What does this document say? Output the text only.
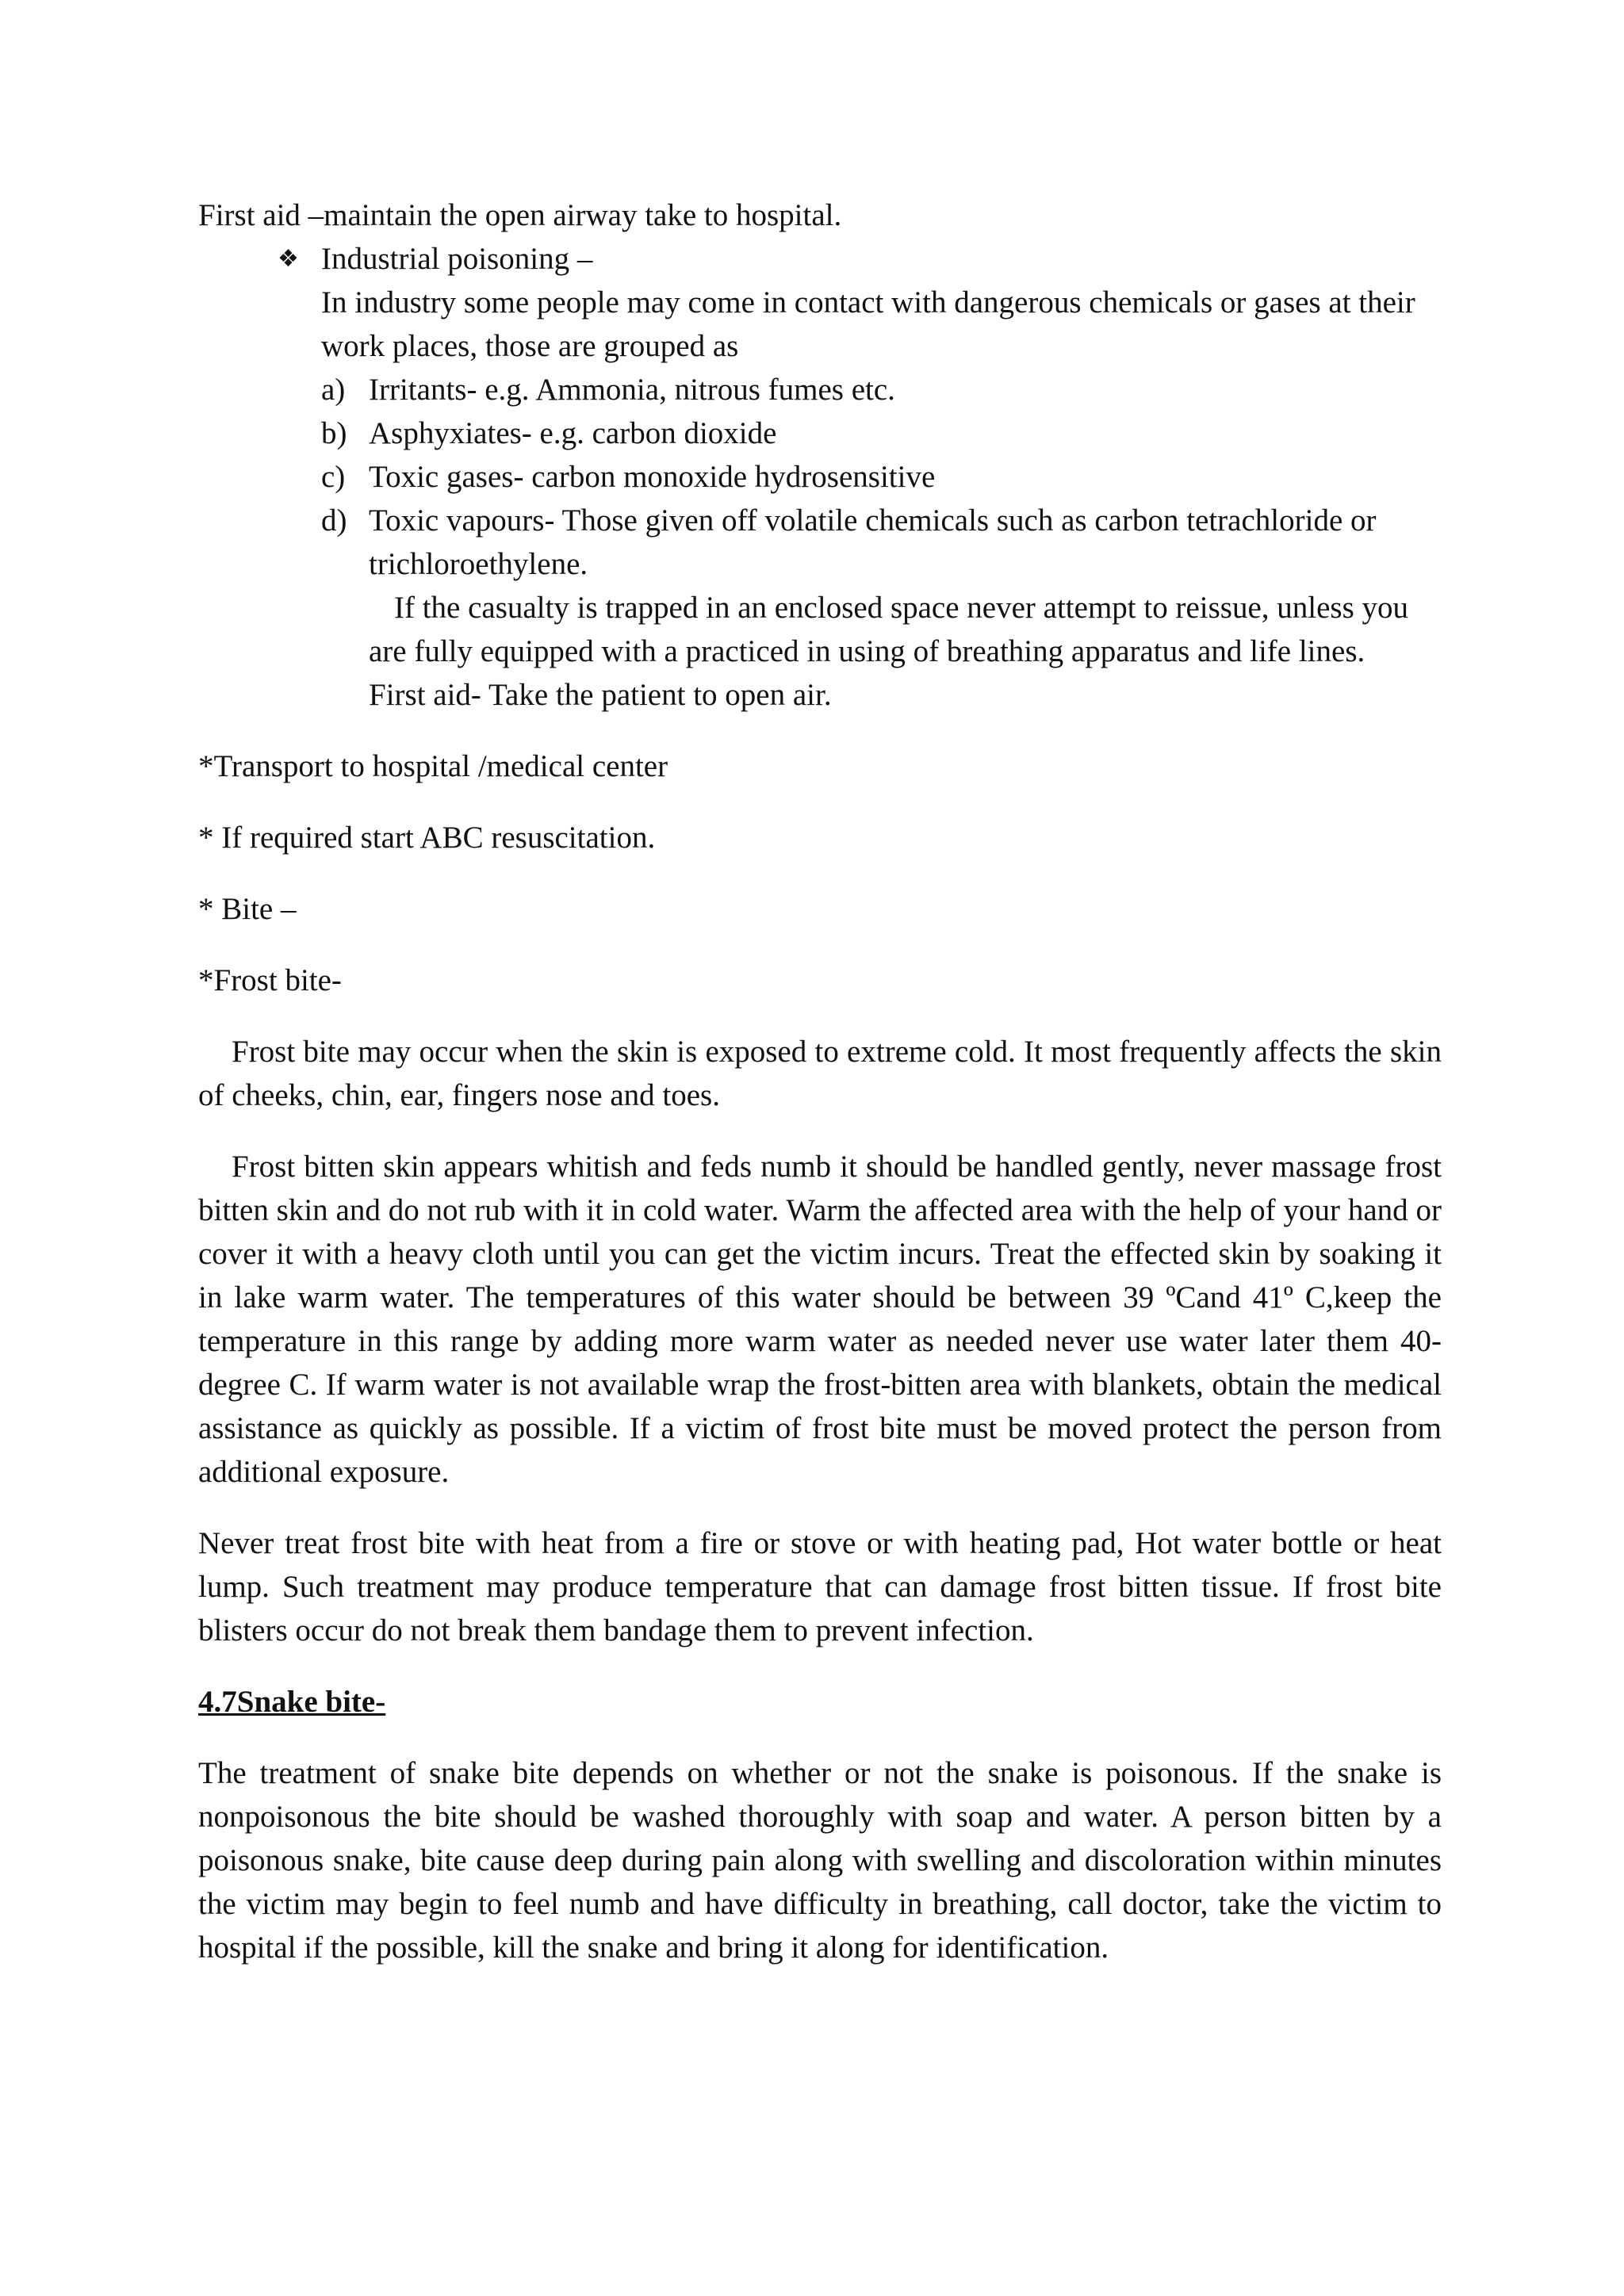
First aid –maintain the open airway take to hospital.

❖ Industrial poisoning –

In industry some people may come in contact with dangerous chemicals or gases at their work places, those are grouped as

a) Irritants- e.g. Ammonia, nitrous fumes etc.
b) Asphyxiates- e.g. carbon dioxide
c) Toxic gases- carbon monoxide hydrosensitive
d) Toxic vapours- Those given off volatile chemicals such as carbon tetrachloride or trichloroethylene.

If the casualty is trapped in an enclosed space never attempt to reissue, unless you are fully equipped with a practiced in using of breathing apparatus and life lines.

First aid- Take the patient to open air.

*Transport to hospital /medical center

* If required start ABC resuscitation.

* Bite –

*Frost bite-

Frost bite may occur when the skin is exposed to extreme cold. It most frequently affects the skin of cheeks, chin, ear, fingers nose and toes.

Frost bitten skin appears whitish and feds numb it should be handled gently, never massage frost bitten skin and do not rub with it in cold water. Warm the affected area with the help of your hand or cover it with a heavy cloth until you can get the victim incurs. Treat the effected skin by soaking it in lake warm water. The temperatures of this water should be between 39 ºCand 41º C,keep the temperature in this range by adding more warm water as needed never use water later them 40-degree C. If warm water is not available wrap the frost-bitten area with blankets, obtain the medical assistance as quickly as possible. If a victim of frost bite must be moved protect the person from additional exposure.

Never treat frost bite with heat from a fire or stove or with heating pad, Hot water bottle or heat lump. Such treatment may produce temperature that can damage frost bitten tissue. If frost bite blisters occur do not break them bandage them to prevent infection.

4.7Snake bite-

The treatment of snake bite depends on whether or not the snake is poisonous. If the snake is nonpoisonous the bite should be washed thoroughly with soap and water. A person bitten by a poisonous snake, bite cause deep during pain along with swelling and discoloration within minutes the victim may begin to feel numb and have difficulty in breathing, call doctor, take the victim to hospital if the possible, kill the snake and bring it along for identification.
